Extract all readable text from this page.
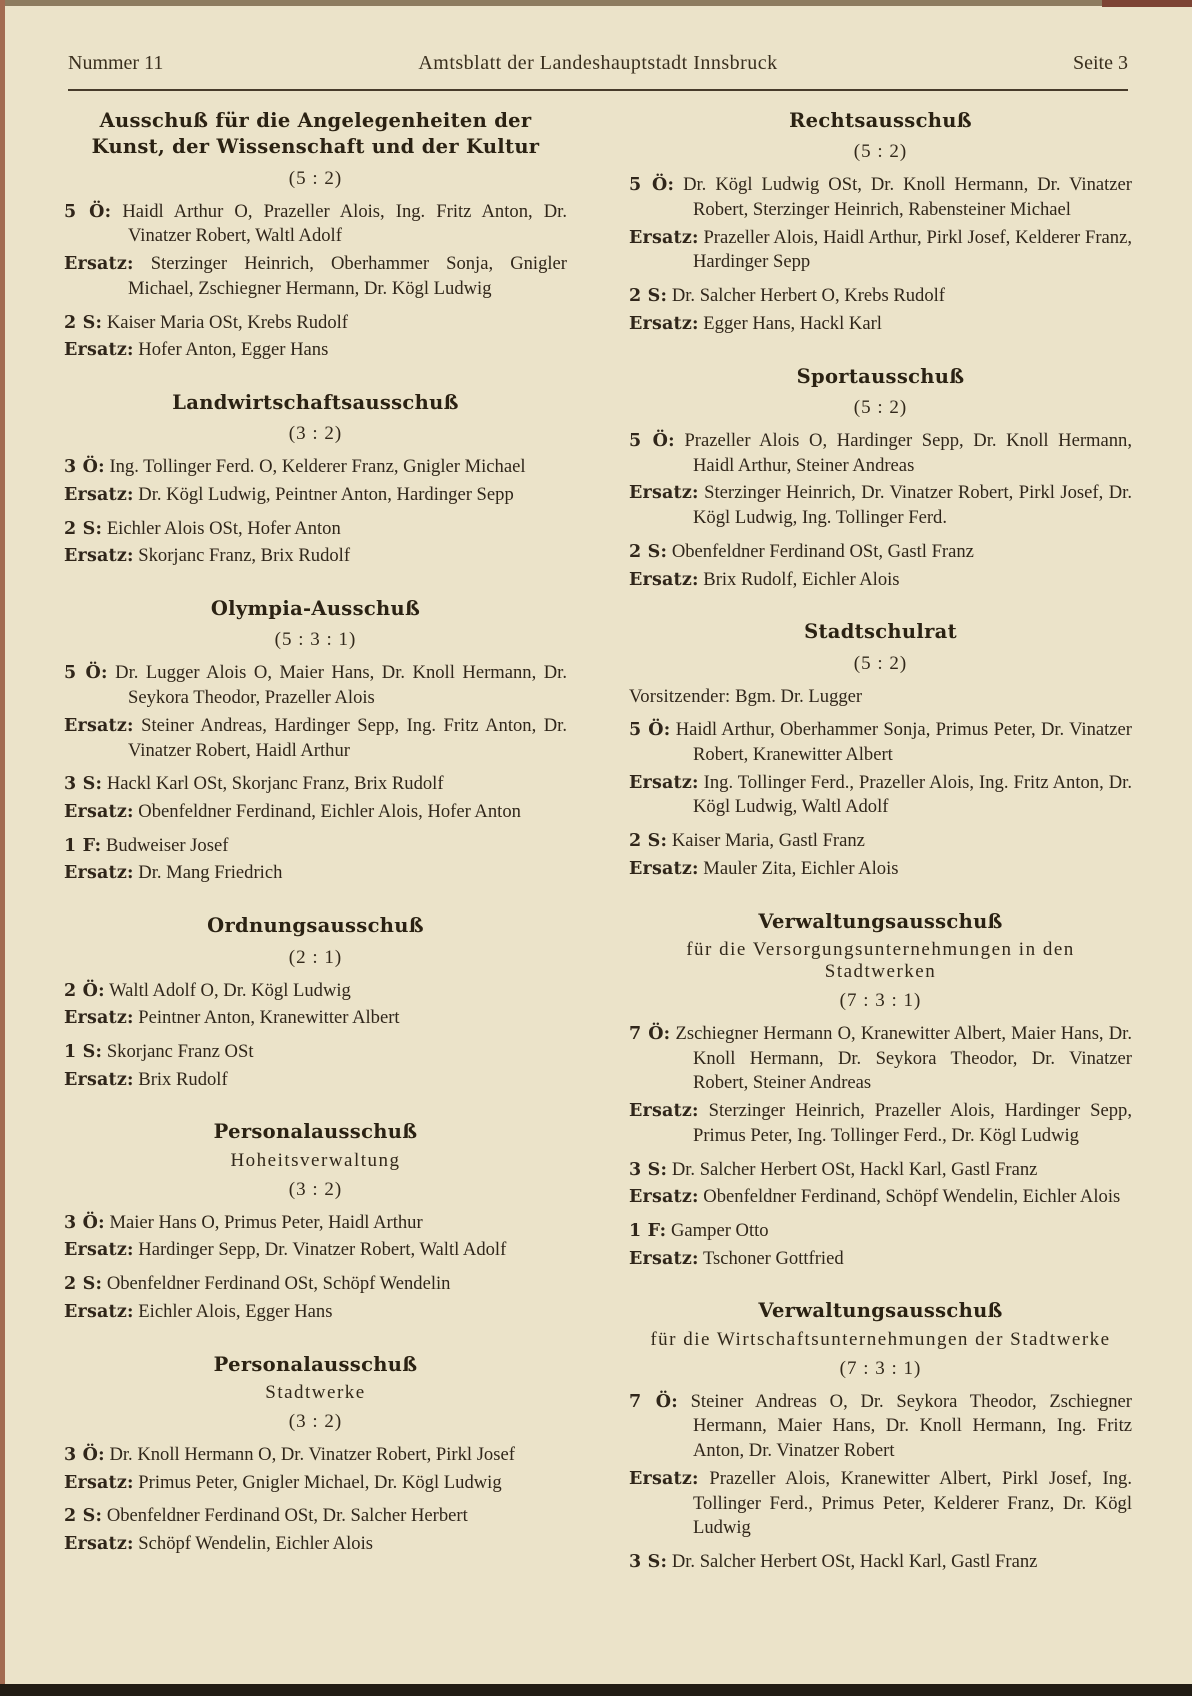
Nummer 11	Amtsblatt der Landeshauptstadt Innsbruck	Seite 3
Ausschuß für die Angelegenheiten der Kunst, der Wissenschaft und der Kultur
(5 : 2)

5 Ö: Haidl Arthur O, Prazeller Alois, Ing. Fritz Anton, Dr. Vinatzer Robert, Waltl Adolf

Ersatz: Sterzinger Heinrich, Oberhammer Sonja, Gnigler Michael, Zschiegner Hermann, Dr. Kögl Ludwig

2 S: Kaiser Maria OSt, Krebs Rudolf

Ersatz: Hofer Anton, Egger Hans

Landwirtschaftsausschuß
(3 : 2)

3 Ö: Ing. Tollinger Ferd. O, Kelderer Franz, Gnigler Michael

Ersatz: Dr. Kögl Ludwig, Peintner Anton, Hardinger Sepp

2 S: Eichler Alois OSt, Hofer Anton

Ersatz: Skorjanc Franz, Brix Rudolf

Olympia-Ausschuß
(5 : 3 : 1)

5 Ö: Dr. Lugger Alois O, Maier Hans, Dr. Knoll Hermann, Dr. Seykora Theodor, Prazeller Alois

Ersatz: Steiner Andreas, Hardinger Sepp, Ing. Fritz Anton, Dr. Vinatzer Robert, Haidl Arthur

3 S: Hackl Karl OSt, Skorjanc Franz, Brix Rudolf

Ersatz: Obenfeldner Ferdinand, Eichler Alois, Hofer Anton

1 F: Budweiser Josef

Ersatz: Dr. Mang Friedrich

Ordnungsausschuß
(2 : 1)

2 Ö: Waltl Adolf O, Dr. Kögl Ludwig

Ersatz: Peintner Anton, Kranewitter Albert

1 S: Skorjanc Franz OSt

Ersatz: Brix Rudolf

Personalausschuß
Hoheitsverwaltung
(3 : 2)

3 Ö: Maier Hans O, Primus Peter, Haidl Arthur

Ersatz: Hardinger Sepp, Dr. Vinatzer Robert, Waltl Adolf

2 S: Obenfeldner Ferdinand OSt, Schöpf Wendelin

Ersatz: Eichler Alois, Egger Hans

Personalausschuß
Stadtwerke
(3 : 2)

3 Ö: Dr. Knoll Hermann O, Dr. Vinatzer Robert, Pirkl Josef

Ersatz: Primus Peter, Gnigler Michael, Dr. Kögl Ludwig

2 S: Obenfeldner Ferdinand OSt, Dr. Salcher Herbert

Ersatz: Schöpf Wendelin, Eichler Alois

Rechtsausschuß
(5 : 2)

5 Ö: Dr. Kögl Ludwig OSt, Dr. Knoll Hermann, Dr. Vinatzer Robert, Sterzinger Heinrich, Rabensteiner Michael

Ersatz: Prazeller Alois, Haidl Arthur, Pirkl Josef, Kelderer Franz, Hardinger Sepp

2 S: Dr. Salcher Herbert O, Krebs Rudolf

Ersatz: Egger Hans, Hackl Karl

Sportausschuß
(5 : 2)

5 Ö: Prazeller Alois O, Hardinger Sepp, Dr. Knoll Hermann, Haidl Arthur, Steiner Andreas

Ersatz: Sterzinger Heinrich, Dr. Vinatzer Robert, Pirkl Josef, Dr. Kögl Ludwig, Ing. Tollinger Ferd.

2 S: Obenfeldner Ferdinand OSt, Gastl Franz

Ersatz: Brix Rudolf, Eichler Alois

Stadtschulrat
(5 : 2)

Vorsitzender: Bgm. Dr. Lugger

5 Ö: Haidl Arthur, Oberhammer Sonja, Primus Peter, Dr. Vinatzer Robert, Kranewitter Albert

Ersatz: Ing. Tollinger Ferd., Prazeller Alois, Ing. Fritz Anton, Dr. Kögl Ludwig, Waltl Adolf

2 S: Kaiser Maria, Gastl Franz

Ersatz: Mauler Zita, Eichler Alois

Verwaltungsausschuß
für die Versorgungsunternehmungen in den Stadtwerken
(7 : 3 : 1)

7 Ö: Zschiegner Hermann O, Kranewitter Albert, Maier Hans, Dr. Knoll Hermann, Dr. Seykora Theodor, Dr. Vinatzer Robert, Steiner Andreas

Ersatz: Sterzinger Heinrich, Prazeller Alois, Hardinger Sepp, Primus Peter, Ing. Tollinger Ferd., Dr. Kögl Ludwig

3 S: Dr. Salcher Herbert OSt, Hackl Karl, Gastl Franz

Ersatz: Obenfeldner Ferdinand, Schöpf Wendelin, Eichler Alois

1 F: Gamper Otto

Ersatz: Tschoner Gottfried

Verwaltungsausschuß
für die Wirtschaftsunternehmungen der Stadtwerke
(7 : 3 : 1)

7 Ö: Steiner Andreas O, Dr. Seykora Theodor, Zschiegner Hermann, Maier Hans, Dr. Knoll Hermann, Ing. Fritz Anton, Dr. Vinatzer Robert

Ersatz: Prazeller Alois, Kranewitter Albert, Pirkl Josef, Ing. Tollinger Ferd., Primus Peter, Kelderer Franz, Dr. Kögl Ludwig

3 S: Dr. Salcher Herbert OSt, Hackl Karl, Gastl Franz
